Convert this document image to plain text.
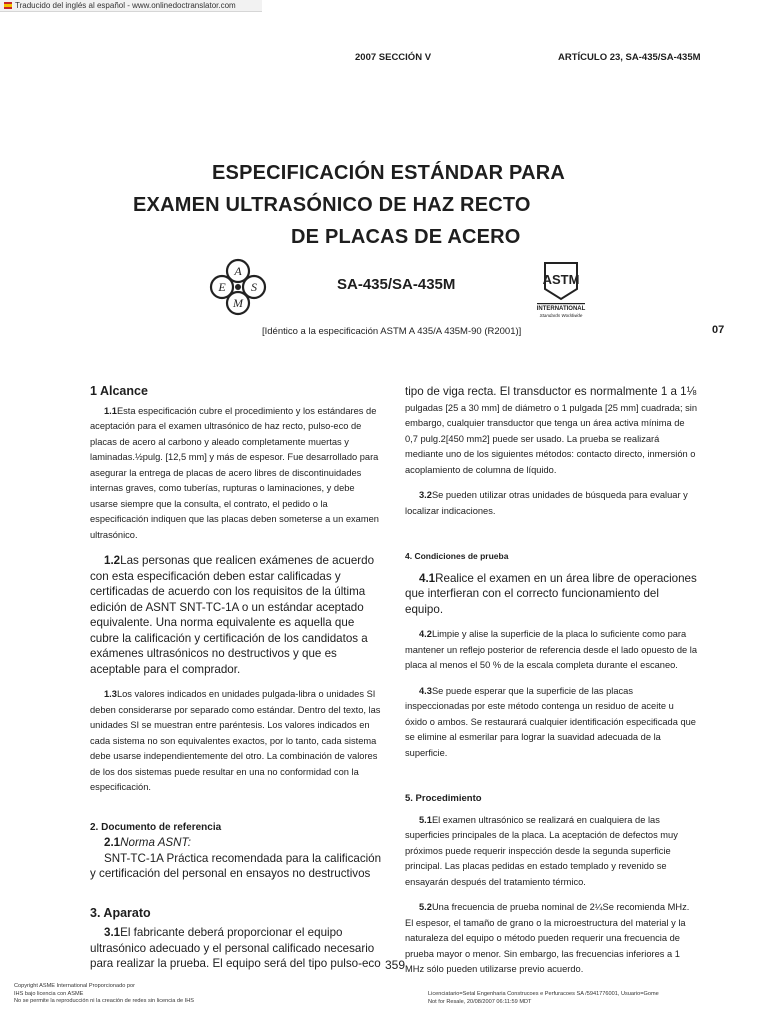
Traducido del inglés al español - www.onlinedoctranslator.com
2007 SECCIÓN V	ARTÍCULO 23, SA-435/SA-435M
ESPECIFICACIÓN ESTÁNDAR PARA
EXAMEN ULTRASÓNICO DE HAZ RECTO
DE PLACAS DE ACERO
A
E S
M
SA-435/SA-435M	ASTM
INTERNATIONAL
Standards Worldwide
[Idéntico a la especificación ASTM A 435/A 435M-90 (R2001)]	07
1 Alcance

1.1Esta especificación cubre el procedimiento y los estándares de aceptación para el examen ultrasónico de haz recto, pulso-eco de placas de acero al carbono y aleado completamente muertas y laminadas.½pulg. [12,5 mm] y más de espesor. Fue desarrollado para asegurar la entrega de placas de acero libres de discontinuidades internas graves, como tuberías, rupturas o laminaciones, y debe usarse siempre que la consulta, el contrato, el pedido o la especificación indiquen que las placas deben someterse a un examen ultrasónico.

1.2Las personas que realicen exámenes de acuerdo con esta especificación deben estar calificadas y certificadas de acuerdo con los requisitos de la última edición de ASNT SNT-TC-1A o un estándar aceptado equivalente. Una norma equivalente es aquella que cubre la calificación y certificación de los candidatos a exámenes ultrasónicos no destructivos y que es aceptable para el comprador.

1.3Los valores indicados en unidades pulgada-libra o unidades SI deben considerarse por separado como estándar. Dentro del texto, las unidades SI se muestran entre paréntesis. Los valores indicados en cada sistema no son equivalentes exactos, por lo tanto, cada sistema debe usarse independientemente del otro. La combinación de valores de los dos sistemas puede resultar en una no conformidad con la especificación.

2. Documento de referencia
2.1Norma ASNT:

SNT-TC-1A Práctica recomendada para la calificación y certificación del personal en ensayos no destructivos

3. Aparato

3.1El fabricante deberá proporcionar el equipo ultrasónico adecuado y el personal calificado necesario para realizar la prueba. El equipo será del tipo pulso-eco

tipo de viga recta. El transductor es normalmente 1 a 1⅛
pulgadas [25 a 30 mm] de diámetro o 1 pulgada [25 mm] cuadrada; sin embargo, cualquier transductor que tenga un área activa mínima de 0,7 pulg.2[450 mm2] puede ser usado. La prueba se realizará mediante uno de los siguientes métodos: contacto directo, inmersión o acoplamiento de columna de líquido.

3.2Se pueden utilizar otras unidades de búsqueda para evaluar y localizar indicaciones.

4. Condiciones de prueba

4.1Realice el examen en un área libre de operaciones que interfieran con el correcto funcionamiento del equipo.

4.2Limpie y alise la superficie de la placa lo suficiente como para mantener un reflejo posterior de referencia desde el lado opuesto de la placa al menos el 50 % de la escala completa durante el escaneo.

4.3Se puede esperar que la superficie de las placas inspeccionadas por este método contenga un residuo de aceite u óxido o ambos. Se restaurará cualquier identificación especificada que se elimine al esmerilar para lograr la suavidad adecuada de la superficie.

5. Procedimiento

5.1El examen ultrasónico se realizará en cualquiera de las superficies principales de la placa. La aceptación de defectos muy próximos puede requerir inspección desde la segunda superficie principal. Las placas pedidas en estado templado y revenido se ensayarán después del tratamiento térmico.

5.2Una frecuencia de prueba nominal de 2¼Se recomienda MHz. El espesor, el tamaño de grano o la microestructura del material y la naturaleza del equipo o método pueden requerir una frecuencia de prueba mayor o menor. Sin embargo, las frecuencias inferiores a 1 MHz sólo pueden utilizarse previo acuerdo.

359
Copyright ASME International Proporcionado por
IHS bajo licencia con ASME
No se permite la reproducción ni la creación de redes sin licencia de IHS
Licenciatario=Setal Engenharia Construcoes e Perfuracoes SA /5941776001, Usuario=Gome
Not for Resale, 20/08/2007 06:11:59 MDT
